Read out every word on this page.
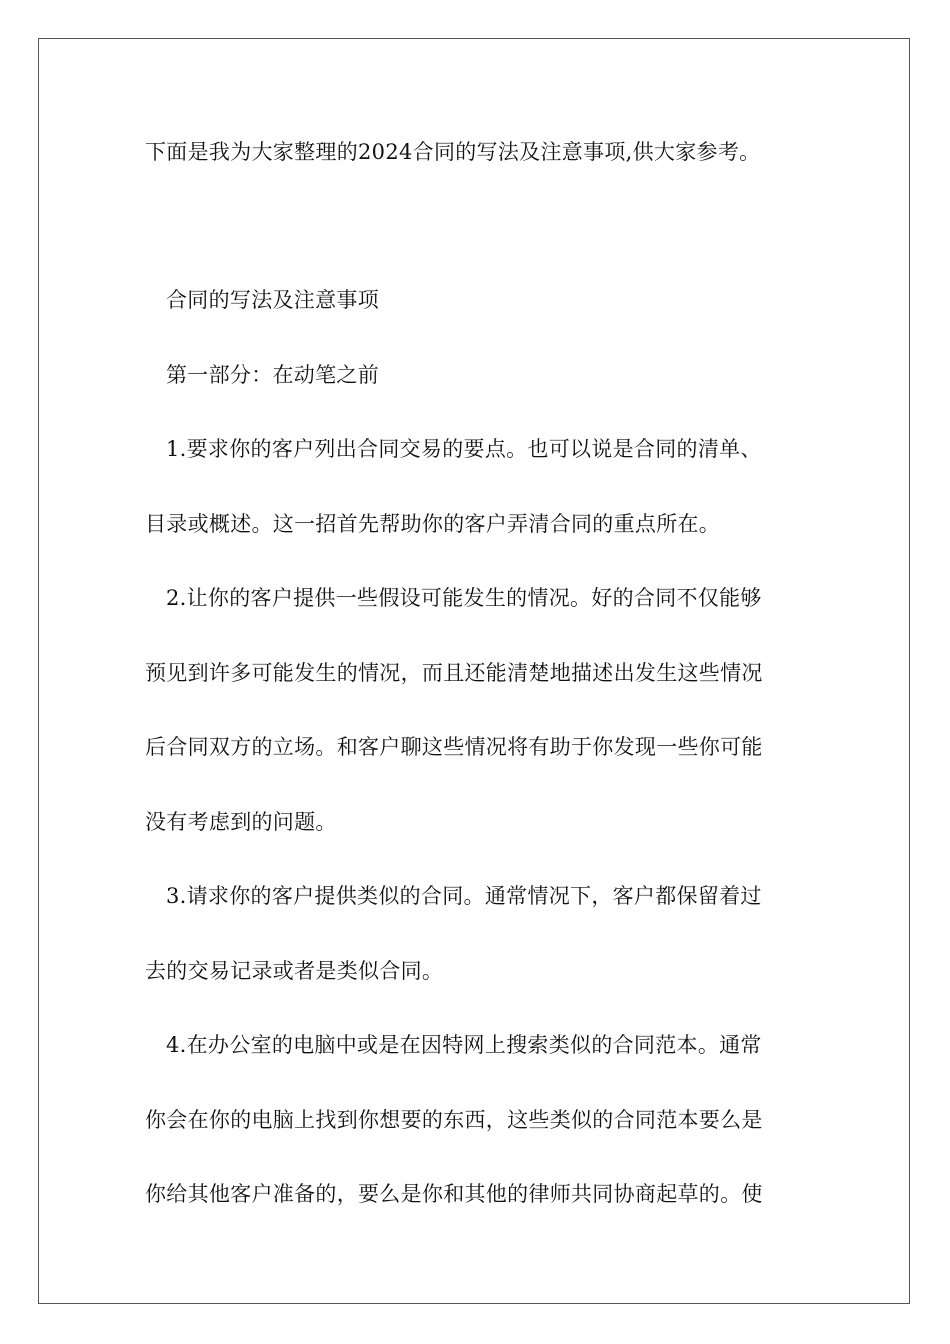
下面是我为大家整理的2024合同的写法及注意事项,供大家参考。
合同的写法及注意事项
第一部分：在动笔之前
1.要求你的客户列出合同交易的要点。也可以说是合同的清单、
目录或概述。这一招首先帮助你的客户弄清合同的重点所在。
2.让你的客户提供一些假设可能发生的情况。好的合同不仅能够
预见到许多可能发生的情况，而且还能清楚地描述出发生这些情况
后合同双方的立场。和客户聊这些情况将有助于你发现一些你可能
没有考虑到的问题。
3.请求你的客户提供类似的合同。通常情况下，客户都保留着过
去的交易记录或者是类似合同。
4.在办公室的电脑中或是在因特网上搜索类似的合同范本。通常
你会在你的电脑上找到你想要的东西，这些类似的合同范本要么是
你给其他客户准备的，要么是你和其他的律师共同协商起草的。使
